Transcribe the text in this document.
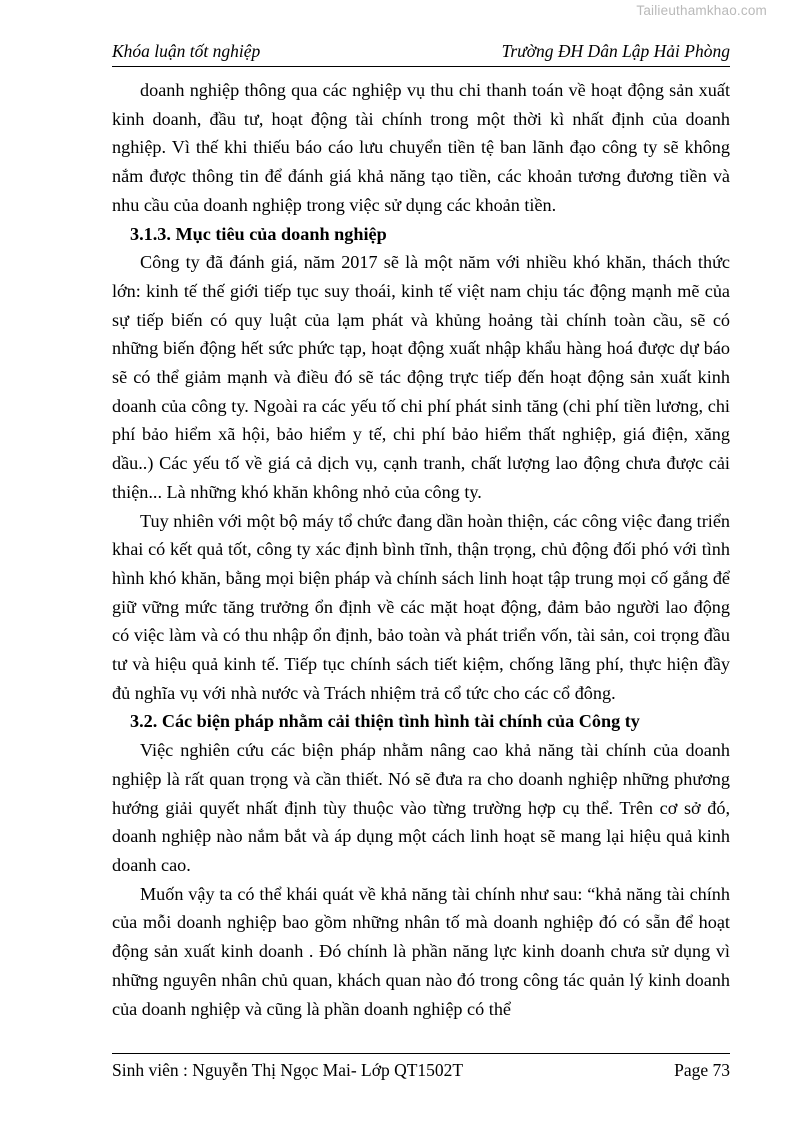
Tailieuthamkhao.com
Khóa luận tốt nghiệp	Trường ĐH Dân Lập Hải Phòng

doanh nghiệp thông qua các nghiệp vụ thu chi thanh toán về hoạt động sản xuất kinh doanh, đầu tư, hoạt động tài chính trong một thời kì nhất định của doanh nghiệp. Vì thế khi thiếu báo cáo lưu chuyển tiền tệ ban lãnh đạo công ty sẽ không nắm được thông tin để đánh giá khả năng tạo tiền, các khoản tương đương tiền và nhu cầu của doanh nghiệp trong việc sử dụng các khoản tiền.

3.1.3. Mục tiêu của doanh nghiệp

Công ty đã đánh giá, năm 2017 sẽ là một năm với nhiều khó khăn, thách thức lớn: kinh tế thế giới tiếp tục suy thoái, kinh tế việt nam chịu tác động mạnh mẽ của sự tiếp biến có quy luật của lạm phát và khủng hoảng tài chính toàn cầu, sẽ có những biến động hết sức phức tạp, hoạt động xuất nhập khẩu hàng hoá được dự báo sẽ có thể giảm mạnh và điều đó sẽ tác động trực tiếp đến hoạt động sản xuất kinh doanh của công ty. Ngoài ra các yếu tố chi phí phát sinh tăng (chi phí tiền lương, chi phí bảo hiểm xã hội, bảo hiểm y tế, chi phí bảo hiểm thất nghiệp, giá điện, xăng dầu..) Các yếu tố về giá cả dịch vụ, cạnh tranh, chất lượng lao động chưa được cải thiện... Là những khó khăn không nhỏ của công ty.

Tuy nhiên với một bộ máy tổ chức đang dần hoàn thiện, các công việc đang triển khai có kết quả tốt, công ty xác định bình tĩnh, thận trọng, chủ động đối phó với tình hình khó khăn, bằng mọi biện pháp và chính sách linh hoạt tập trung mọi cố gắng để giữ vững mức tăng trưởng ổn định về các mặt hoạt động, đảm bảo người lao động có việc làm và có thu nhập ổn định, bảo toàn và phát triển vốn, tài sản, coi trọng đầu tư và hiệu quả kinh tế. Tiếp tục chính sách tiết kiệm, chống lãng phí, thực hiện đầy đủ nghĩa vụ với nhà nước và Trách nhiệm trả cổ tức cho các cổ đông.

3.2. Các biện pháp nhằm cải thiện tình hình tài chính của Công ty

Việc nghiên cứu các biện pháp nhằm nâng cao khả năng tài chính của doanh nghiệp là rất quan trọng và cần thiết. Nó sẽ đưa ra cho doanh nghiệp những phương hướng giải quyết nhất định tùy thuộc vào từng trường hợp cụ thể. Trên cơ sở đó, doanh nghiệp nào nắm bắt và áp dụng một cách linh hoạt sẽ mang lại hiệu quả kinh doanh cao.

Muốn vậy ta có thể khái quát về khả năng tài chính như sau: “khả năng tài chính của mỗi doanh nghiệp bao gồm những nhân tố mà doanh nghiệp đó có sẵn để hoạt động sản xuất kinh doanh . Đó chính là phần năng lực kinh doanh chưa sử dụng vì những nguyên nhân chủ quan, khách quan nào đó trong công tác quản lý kinh doanh của doanh nghiệp và cũng là phần doanh nghiệp có thể

Sinh viên : Nguyễn Thị Ngọc Mai- Lớp QT1502T	Page 73
